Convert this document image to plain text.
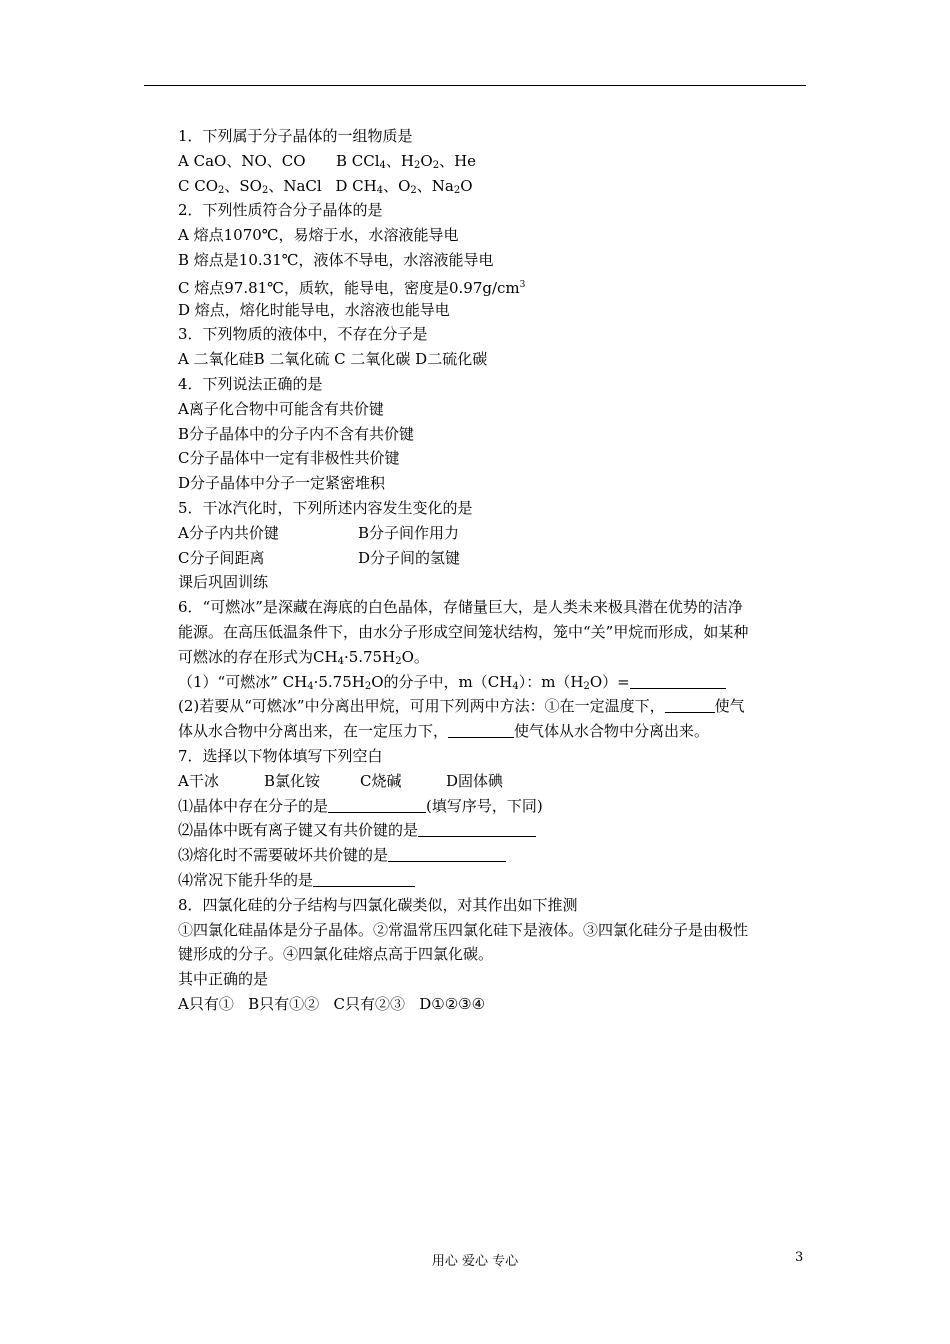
1．下列属于分子晶体的一组物质是
A CaO、NO、CO B CCl$_4$、$H_2O_2$、He
C $CO_2$、$SO_2$、NaCl D $CH_4$、$O_2$、$Na_2O$
2．下列性质符合分子晶体的是
A 熔点1070℃，易熔于水，水溶液能导电
B 熔点是10.31℃，液体不导电，水溶液能导电
C 熔点97.81℃，质软，能导电，密度是$0.97g/cm^3$
D 熔点，熔化时能导电，水溶液也能导电
3．下列物质的液体中，不存在分子是
A 二氧化硅B 二氧化硫 C 二氧化碳 D二硫化碳
4．下列说法正确的是
A离子化合物中可能含有共价键
B分子晶体中的分子内不含有共价键
C分子晶体中一定有非极性共价键
D分子晶体中分子一定紧密堆积
5．干冰汽化时，下列所述内容发生变化的是
A分子内共价键	B分子间作用力
C分子间距离	D分子间的氢键
课后巩固训练
6．“可燃冰”是深藏在海底的白色晶体，存储量巨大，是人类未来极具潜在优势的洁净
能源。在高压低温条件下，由水分子形成空间笼状结构，笼中“关”甲烷而形成，如某种
可燃冰的存在形式为$CH_4\cdot 5.75H_2O$。
（1）“可燃冰” $CH_4\cdot 5.75H_2O$的分子中，$m(CH_4)$：$m(H_2O)=$
(2)若要从“可燃冰”中分离出甲烷，可用下列两中方法：①在一定温度下，	使气
体从水合物中分离出来，在一定压力下，	使气体从水合物中分离出来。
7．选择以下物体填写下列空白
A干冰	B氯化铵	C烧碱	D固体碘
⑴晶体中存在分子的是	(填写序号，下同)
⑵晶体中既有离子键又有共价键的是
⑶熔化时不需要破坏共价键的是
⑷常况下能升华的是
8．四氯化硅的分子结构与四氯化碳类似，对其作出如下推测
①四氯化硅晶体是分子晶体。②常温常压四氯化硅下是液体。③四氯化硅分子是由极性
键形成的分子。④四氯化硅熔点高于四氯化碳。
其中正确的是
A只有①   B只有①②   C只有②③   D①②③④
用心 爱心 专心	3
